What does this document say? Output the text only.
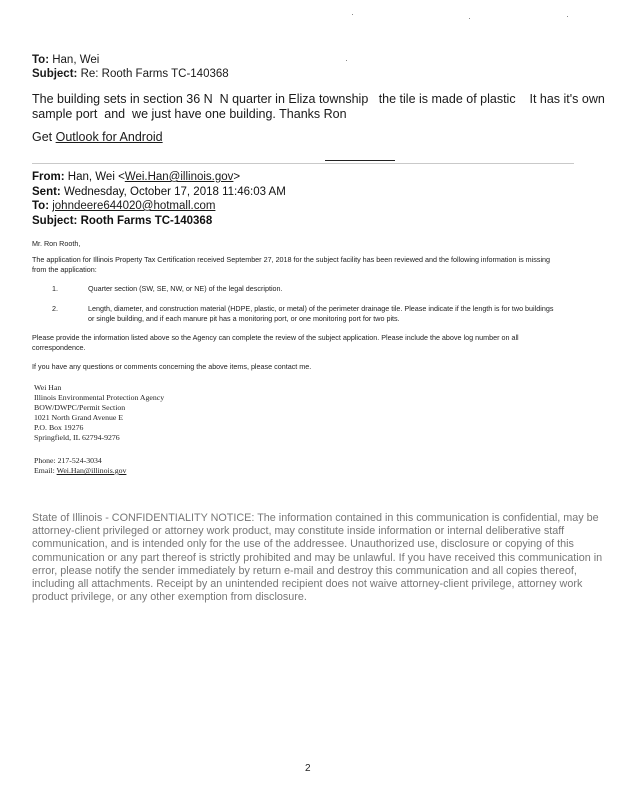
To: Han, Wei
Subject: Re: Rooth Farms TC-140368
The building sets in section 36 N  N quarter in Eliza township   the tile is made of plastic    It has it's own
sample port  and  we just have one building. Thanks Ron
Get Outlook for Android
From: Han, Wei <Wei.Han@illinois.gov>
Sent: Wednesday, October 17, 2018 11:46:03 AM
To: johndeere644020@hotmall.com
Subject: Rooth Farms TC-140368
Mr. Ron Rooth,
The application for Illinois Property Tax Certification received September 27, 2018 for the subject facility has been reviewed and the following information is missing
from the application:
1.	Quarter section (SW, SE, NW, or NE) of the legal description.
2.	Length, diameter, and construction material (HDPE, plastic, or metal) of the perimeter drainage tile. Please indicate if the length is for two buildings
or single building, and if each manure pit has a monitoring port, or one monitoring port for two pits.
Please provide the information listed above so the Agency can complete the review of the subject application. Please include the above log number on all
correspondence.
If you have any questions or comments concerning the above items, please contact me.
Wei Han
Illinois Environmental Protection Agency
BOW/DWPC/Permit Section
1021 North Grand Avenue E
P.O. Box 19276
Springfield, IL 62794-9276
Phone: 217-524-3034
Email: Wei.Han@illinois.gov
State of Illinois - CONFIDENTIALITY NOTICE: The information contained in this communication is confidential, may be
attorney-client privileged or attorney work product, may constitute inside information or internal deliberative staff
communication, and is intended only for the use of the addressee. Unauthorized use, disclosure or copying of this
communication or any part thereof is strictly prohibited and may be unlawful. If you have received this communication in
error, please notify the sender immediately by return e-mail and destroy this communication and all copies thereof,
including all attachments. Receipt by an unintended recipient does not waive attorney-client privilege, attorney work
product privilege, or any other exemption from disclosure.
2
